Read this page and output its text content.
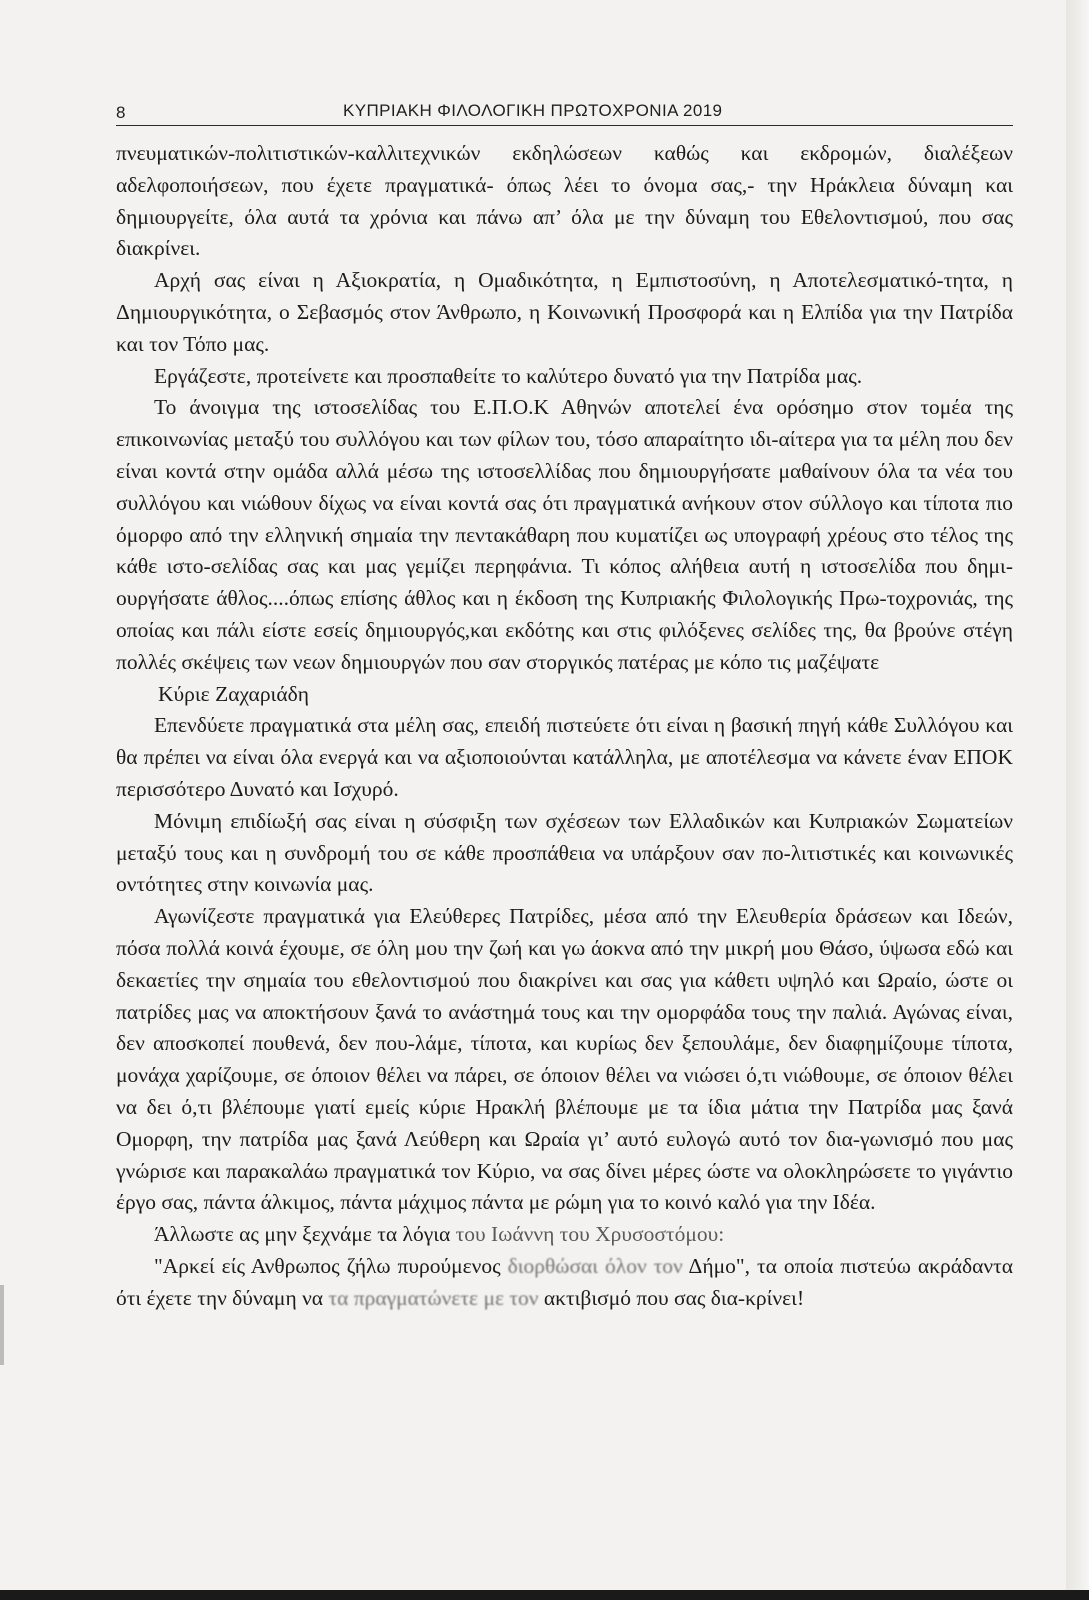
8	ΚΥΠΡΙΑΚΗ ΦΙΛΟΛΟΓΙΚΗ ΠΡΩΤΟΧΡΟΝΙΑ 2019

πνευματικών-πολιτιστικών-καλλιτεχνικών εκδηλώσεων καθώς και εκδρομών, διαλέξεων αδελφοποιήσεων, που έχετε πραγματικά- όπως λέει το όνομα σας,- την Ηράκλεια δύναμη και δημιουργείτε, όλα αυτά τα χρόνια και πάνω απ’ όλα με την δύναμη του Εθελοντισμού, που σας διακρίνει.

Αρχή σας είναι η Αξιοκρατία, η Ομαδικότητα, η Εμπιστοσύνη, η Αποτελεσματικό-τητα, η Δημιουργικότητα, ο Σεβασμός στον Άνθρωπο, η Κοινωνική Προσφορά και η Ελπίδα για την Πατρίδα και τον Τόπο μας.

Εργάζεστε, προτείνετε και προσπαθείτε το καλύτερο δυνατό για την Πατρίδα μας.

Το άνοιγμα της ιστοσελίδας του Ε.Π.Ο.Κ Αθηνών αποτελεί ένα ορόσημο στον τομέα της επικοινωνίας μεταξύ του συλλόγου και των φίλων του, τόσο απαραίτητο ιδι-αίτερα για τα μέλη που δεν είναι κοντά στην ομάδα αλλά μέσω της ιστοσελλίδας που δημιουργήσατε μαθαίνουν όλα τα νέα του συλλόγου και νιώθουν δίχως να είναι κοντά σας ότι πραγματικά ανήκουν στον σύλλογο και τίποτα πιο όμορφο από την ελληνική σημαία την πεντακάθαρη που κυματίζει ως υπογραφή χρέους στο τέλος της κάθε ιστο-σελίδας σας και μας γεμίζει περηφάνια. Τι κόπος αλήθεια αυτή η ιστοσελίδα που δημι-ουργήσατε άθλος....όπως επίσης άθλος και η έκδοση της Κυπριακής Φιλολογικής Πρω-τοχρονιάς, της οποίας και πάλι είστε εσείς δημιουργός,και εκδότης και στις φιλόξενες σελίδες της, θα βρούνε στέγη πολλές σκέψεις των νεων δημιουργών που σαν στοργικός πατέρας με κόπο τις μαζέψατε

Κύριε Ζαχαριάδη

Επενδύετε πραγματικά στα μέλη σας, επειδή πιστεύετε ότι είναι η βασική πηγή κάθε Συλλόγου και θα πρέπει να είναι όλα ενεργά και να αξιοποιούνται κατάλληλα, με αποτέλεσμα να κάνετε έναν ΕΠΟΚ περισσότερο Δυνατό και Ισχυρό.

Μόνιμη επιδίωξή σας είναι η σύσφιξη των σχέσεων των Ελλαδικών και Κυπριακών Σωματείων μεταξύ τους και η συνδρομή του σε κάθε προσπάθεια να υπάρξουν σαν πο-λιτιστικές και κοινωνικές οντότητες στην κοινωνία μας.

Αγωνίζεστε πραγματικά για Ελεύθερες Πατρίδες, μέσα από την Ελευθερία δράσεων και Ιδεών, πόσα πολλά κοινά έχουμε, σε όλη μου την ζωή και γω άοκνα από την μικρή μου Θάσο, ύψωσα εδώ και δεκαετίες την σημαία του εθελοντισμού που διακρίνει και σας για κάθετι υψηλό και Ωραίο, ώστε οι πατρίδες μας να αποκτήσουν ξανά το ανάστημά τους και την ομορφάδα τους την παλιά. Αγώνας είναι, δεν αποσκοπεί πουθενά, δεν που-λάμε, τίποτα, και κυρίως δεν ξεπουλάμε, δεν διαφημίζουμε τίποτα, μονάχα χαρίζουμε, σε όποιον θέλει να πάρει, σε όποιον θέλει να νιώσει ό,τι νιώθουμε, σε όποιον θέλει να δει ό,τι βλέπουμε γιατί εμείς κύριε Ηρακλή βλέπουμε με τα ίδια μάτια την Πατρίδα μας ξανά Ομορφη, την πατρίδα μας ξανά Λεύθερη και Ωραία γι’ αυτό ευλογώ αυτό τον δια-γωνισμό που μας γνώρισε και παρακαλάω πραγματικά τον Κύριο, να σας δίνει μέρες ώστε να ολοκληρώσετε το γιγάντιο έργο σας, πάντα άλκιμος, πάντα μάχιμος πάντα με ρώμη για το κοινό καλό για την Ιδέα.

Άλλωστε ας μην ξεχνάμε τα λόγια του Ιωάννη του Χρυσοστόμου:

"Αρκεί είς Ανθρωπος ζήλω πυρούμενος διορθώσαι όλον τον Δήμο", τα οποία πιστεύω ακράδαντα ότι έχετε την δύναμη να τα πραγματώνετε με τον ακτιβισμό που σας δια-κρίνει!
